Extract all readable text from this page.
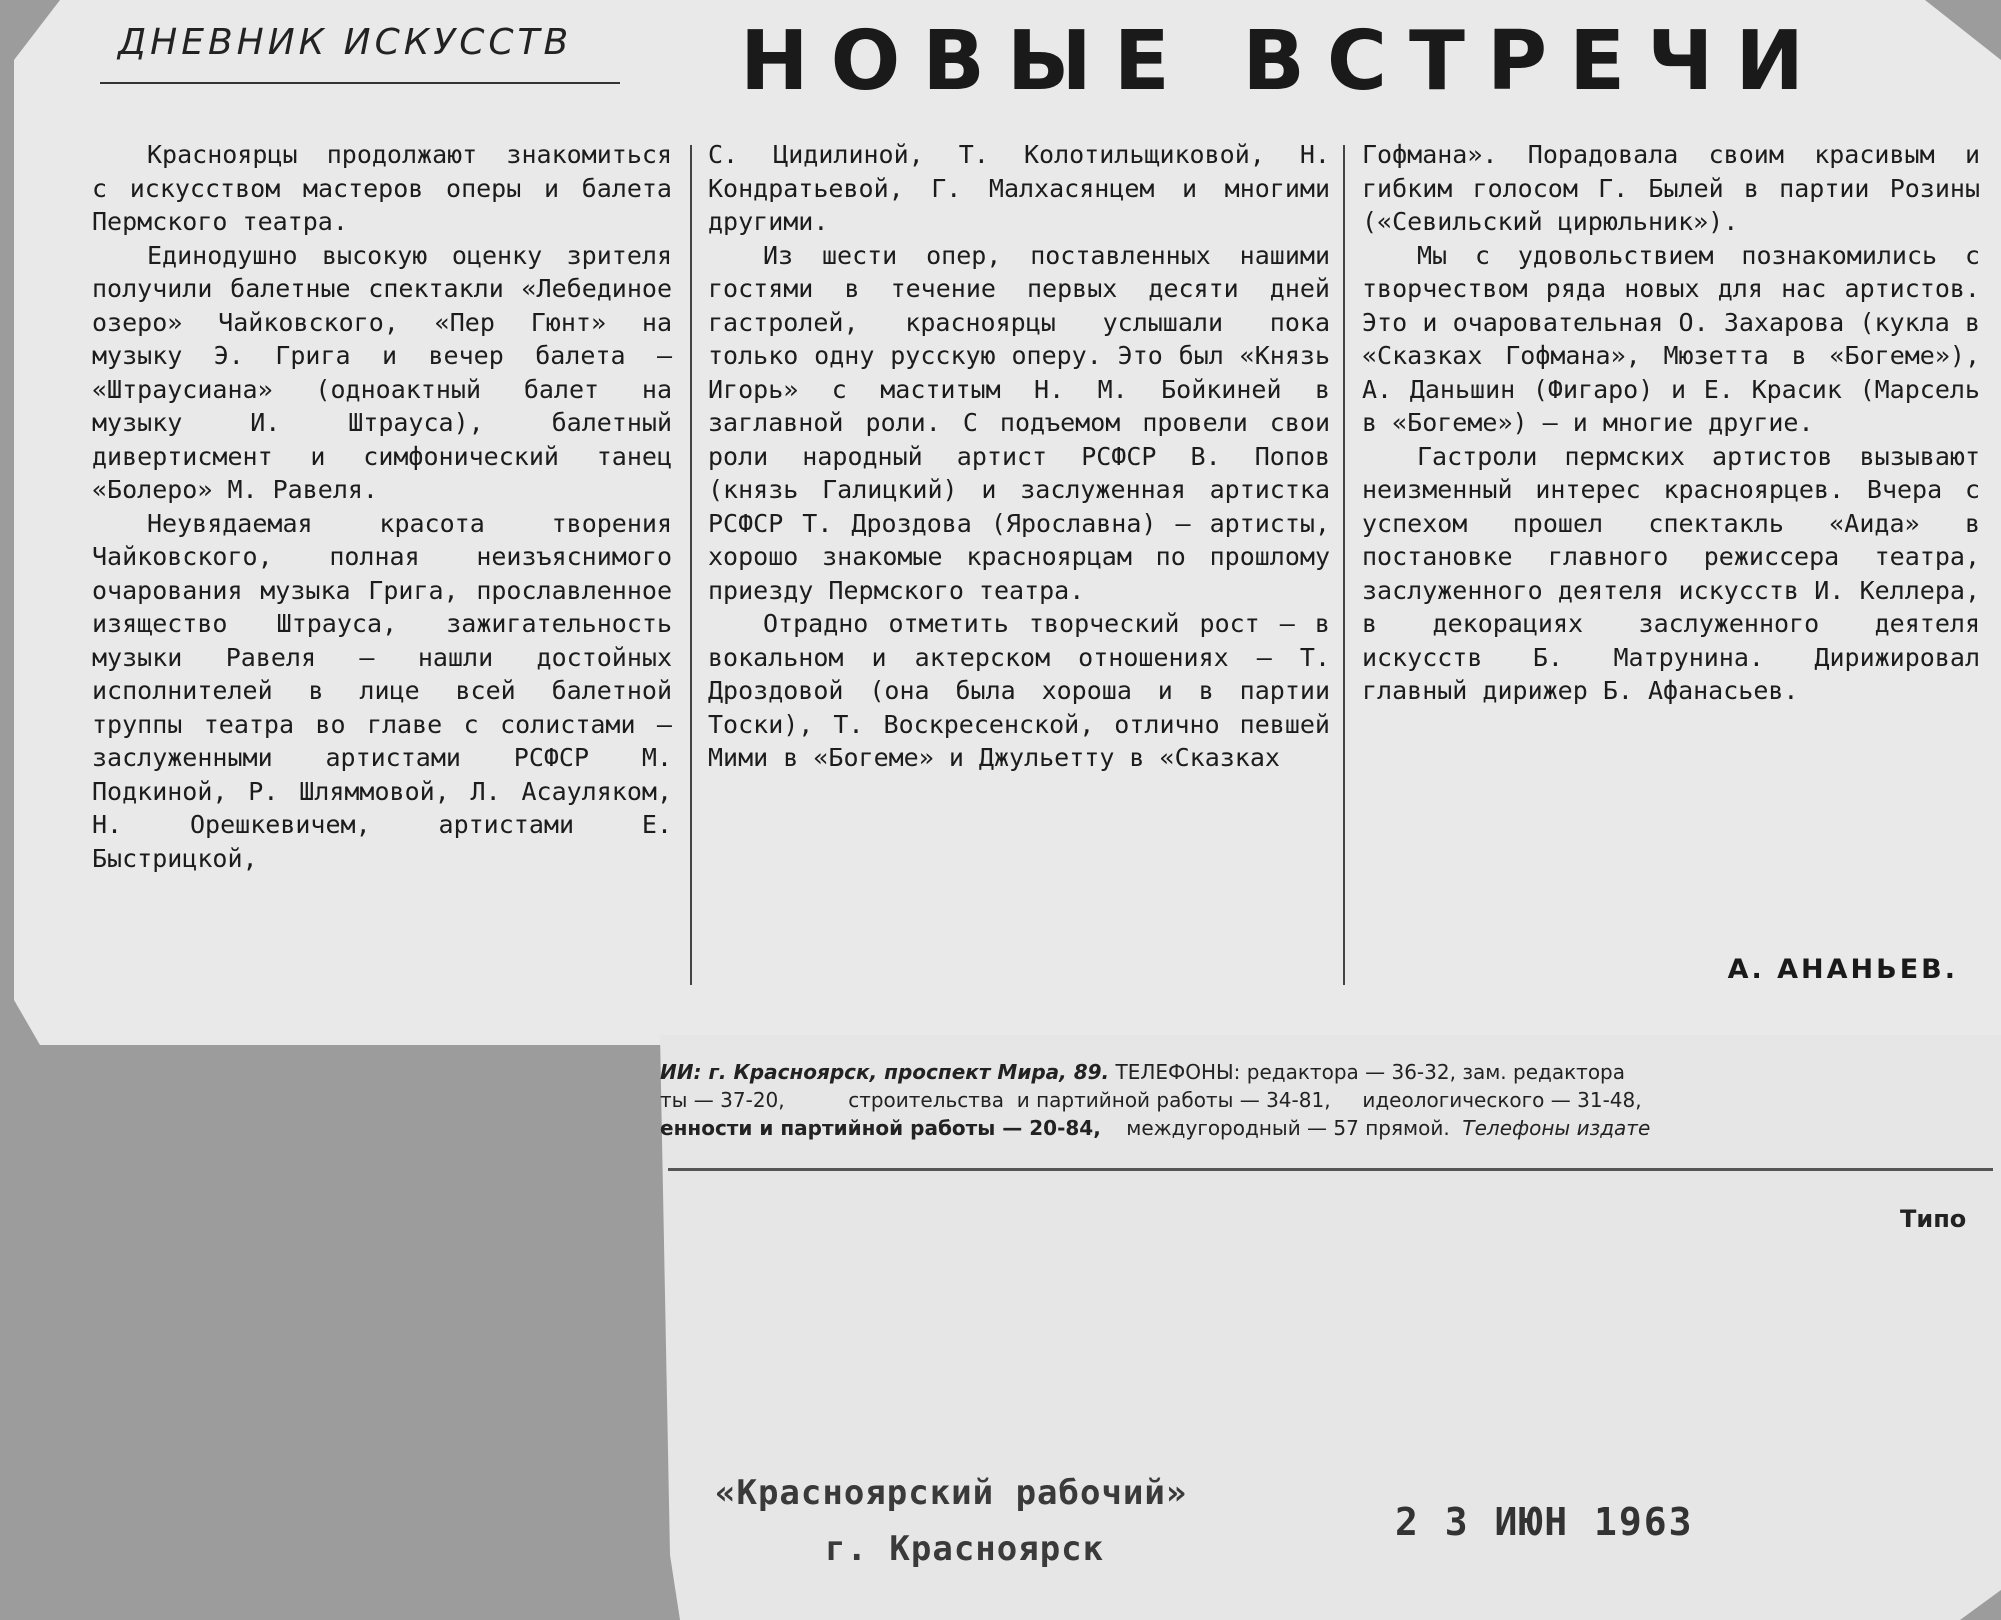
ДНЕВНИК ИСКУССТВ	НОВЫЕ ВСТРЕЧИ

Красноярцы продолжают знакомиться с искусством мастеров оперы и балета Пермского театра.

Единодушно высокую оценку зрителя получили балетные спектакли «Лебединое озеро» Чайковского, «Пер Гюнт» на музыку Э. Грига и вечер балета — «Штраусиана» (одноактный балет на музыку И. Штрауса), балетный дивертисмент и симфонический танец «Болеро» М. Равеля.

Неувядаемая красота творения Чайковского, полная неизъяснимого очарования музыка Грига, прославленное изящество Штрауса, зажигательность музыки Равеля — нашли достойных исполнителей в лице всей балетной труппы театра во главе с солистами — заслуженными артистами РСФСР М. Подкиной, Р. Шляммовой, Л. Асауляком, Н. Орешкевичем, артистами Е. Быстрицкой,

С. Цидилиной, Т. Колотильщиковой, Н. Кондратьевой, Г. Малхасянцем и многими другими.

Из шести опер, поставленных нашими гостями в течение первых десяти дней гастролей, красноярцы услышали пока только одну русскую оперу. Это был «Князь Игорь» с маститым Н. М. Бойкиней в заглавной роли. С подъемом провели свои роли народный артист РСФСР В. Попов (князь Галицкий) и заслуженная артистка РСФСР Т. Дроздова (Ярославна) — артисты, хорошо знакомые красноярцам по прошлому приезду Пермского театра.

Отрадно отметить творческий рост — в вокальном и актерском отношениях — Т. Дроздовой (она была хороша и в партии Тоски), Т. Воскресенской, отлично певшей Мими в «Богеме» и Джульетту в «Сказках

Гофмана». Порадовала своим красивым и гибким голосом Г. Былей в партии Розины («Севильский цирюльник»).

Мы с удовольствием познакомились с творчеством ряда новых для нас артистов. Это и очаровательная О. Захарова (кукла в «Сказках Гофмана», Мюзетта в «Богеме»), А. Даньшин (Фигаро) и Е. Красик (Марсель в «Богеме») — и многие другие.

Гастроли пермских артистов вызывают неизменный интерес красноярцев. Вчера с успехом прошел спектакль «Аида» в постановке главного режиссера театра, заслуженного деятеля искусств И. Келлера, в декорациях заслуженного деятеля искусств Б. Матрунина. Дирижировал главный дирижер Б. Афанасьев.

А. АНАНЬЕВ.
ИИ: г. Красноярск, проспект Мира, 89. ТЕЛЕФОНЫ: редактора — 36-32, зам. редактора
ты — 37-20,          строительства  и партийной работы — 34-81,     идеологического — 31-48,
енности и партийной работы — 20-84,    междугородный — 57 прямой.  Телефоны издате
Типо
«Красноярский рабочий»
г. Красноярск
2 3 ИЮН 1963
